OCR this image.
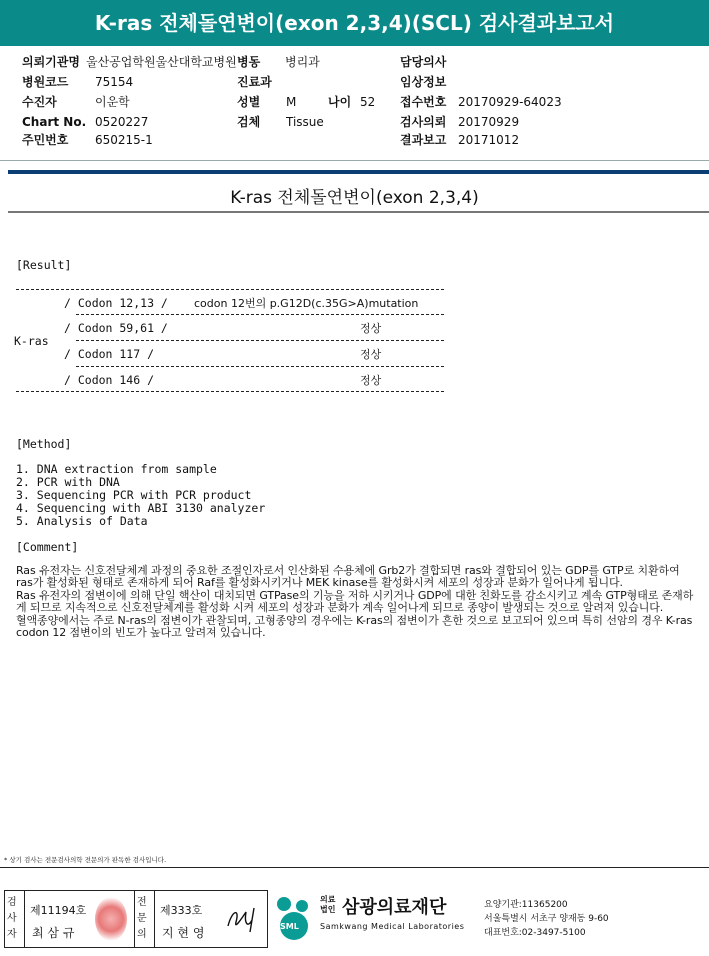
K-ras 전체돌연변이(exon 2,3,4)(SCL) 검사결과보고서
의뢰기관명 울산공업학원울산대학교병원 병동 병리과	담당의사
병원코드 75154	진료과	임상정보
수진자	이운학	성별 M	나이 52 접수번호 20170929-64023
Chart No. 0520227	검체 Tissue	검사의뢰 20170929
주민번호 650215-1	결과보고 20171012
K-ras 전체돌연변이(exon 2,3,4)
[Result]
K-ras
/ Codon 12,13 / codon 12번의 p.G12D(c.35G>A)mutation
/ Codon 59,61 /	정상
/ Codon 117 /	정상
/ Codon 146 /	정상
[Method]
1. DNA extraction from sample
2. PCR with DNA
3. Sequencing PCR with PCR product
4. Sequencing with ABI 3130 analyzer
5. Analysis of Data
[Comment]

Ras 유전자는 신호전달체계 과정의 중요한 조절인자로서 인산화된 수용체에 Grb2가 결합되면 ras와 결합되어 있는 GDP를 GTP로 치환하여 ras가 활성화된 형태로 존재하게 되어 Raf를 활성화시키거나 MEK kinase를 활성화시켜 세포의 성장과 분화가 일어나게 됩니다.

Ras 유전자의 점변이에 의해 단일 핵산이 대치되면 GTPase의 기능을 저하 시키거나 GDP에 대한 친화도를 감소시키고 계속 GTP형태로 존재하게 되므로 지속적으로 신호전달체계를 활성화 시켜 세포의 성장과 분화가 계속 일어나게 되므로 종양이 발생되는 것으로 알려져 있습니다.

혈액종양에서는 주로 N-ras의 점변이가 관찰되며, 고형종양의 경우에는 K-ras의 점변이가 흔한 것으로 보고되어 있으며 특히 선암의 경우 K-ras codon 12 점변이의 빈도가 높다고 알려져 있습니다.

* 상기 검사는 전문검사의학 전문의가 판독한 검사입니다.
검사자
제11194호
최 삼 규
전문의
제333호
지 현 영	SML
의료법인 삼광의료재단
Samkwang Medical Laboratories
요양기관:11365200
서울특별시 서초구 양재동 9-60
대표번호:02-3497-5100
